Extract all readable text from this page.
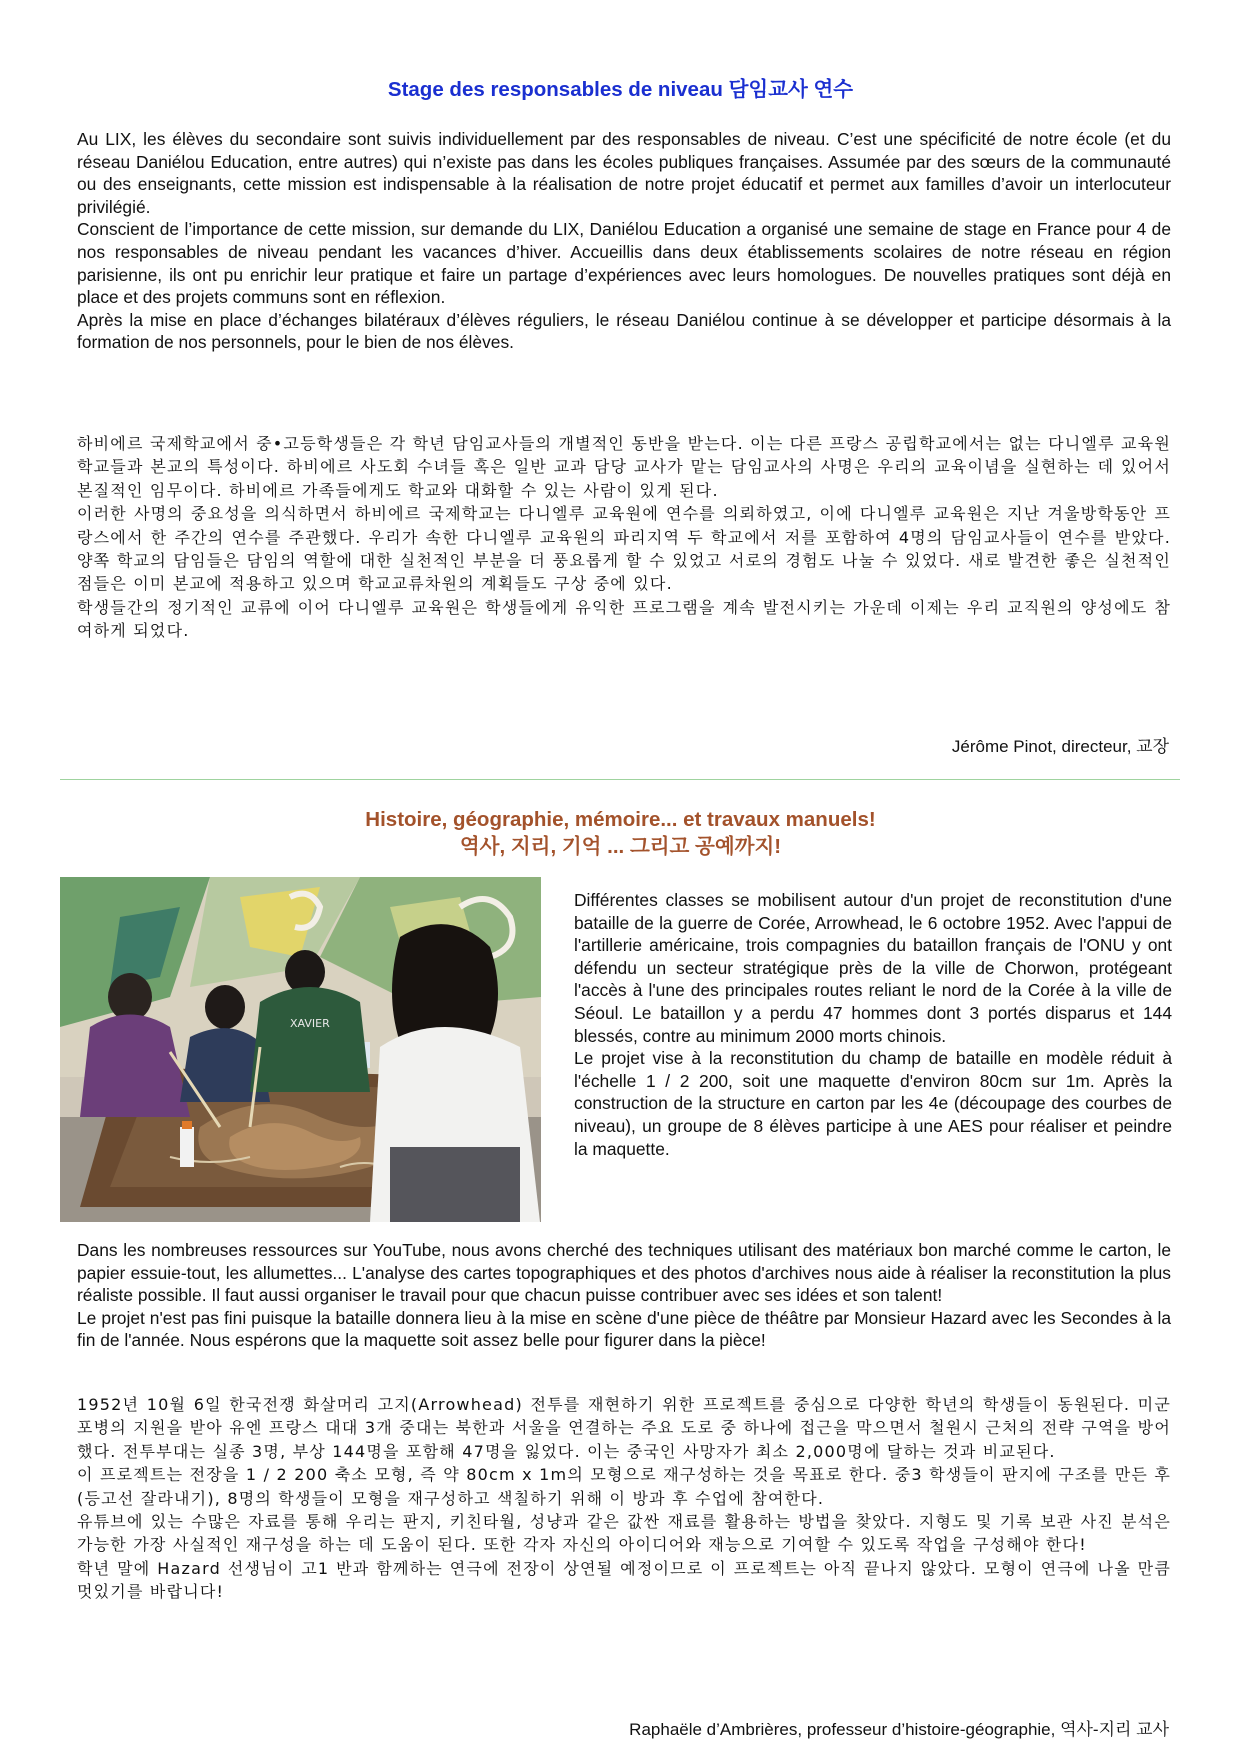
Stage des responsables de niveau 담임교사 연수

Au LIX, les élèves du secondaire sont suivis individuellement par des responsables de niveau. C’est une spécificité de notre école (et du réseau Daniélou Education, entre autres) qui n’existe pas dans les écoles publiques françaises. Assumée par des sœurs de la communauté ou des enseignants, cette mission est indispensable à la réalisation de notre projet éducatif et permet aux familles d’avoir un interlocuteur privilégié.

Conscient de l’importance de cette mission, sur demande du LIX, Daniélou Education a organisé une semaine de stage en France pour 4 de nos responsables de niveau pendant les vacances d’hiver. Accueillis dans deux établissements scolaires de notre réseau en région parisienne, ils ont pu enrichir leur pratique et faire un partage d’expériences avec leurs homologues. De nouvelles pratiques sont déjà en place et des projets communs sont en réflexion.

Après la mise en place d’échanges bilatéraux d’élèves réguliers, le réseau Daniélou continue à se développer et participe désormais à la formation de nos personnels, pour le bien de nos élèves.

하비에르 국제학교에서 중•고등학생들은 각 학년 담임교사들의 개별적인 동반을 받는다. 이는 다른 프랑스 공립학교에서는 없는 다니엘루 교육원 학교들과 본교의 특성이다. 하비에르 사도회 수녀들 혹은 일반 교과 담당 교사가 맡는 담임교사의 사명은 우리의 교육이념을 실현하는 데 있어서 본질적인 임무이다. 하비에르 가족들에게도 학교와 대화할 수 있는 사람이 있게 된다.

이러한 사명의 중요성을 의식하면서 하비에르 국제학교는 다니엘루 교육원에 연수를 의뢰하였고, 이에 다니엘루 교육원은 지난 겨울방학동안 프랑스에서 한 주간의 연수를 주관했다. 우리가 속한 다니엘루 교육원의 파리지역 두 학교에서 저를 포함하여 4명의 담임교사들이 연수를 받았다. 양쪽 학교의 담임들은 담임의 역할에 대한 실천적인 부분을 더 풍요롭게 할 수 있었고 서로의 경험도 나눌 수 있었다. 새로 발견한 좋은 실천적인 점들은 이미 본교에 적용하고 있으며 학교교류차원의 계획들도 구상 중에 있다.

학생들간의 정기적인 교류에 이어 다니엘루 교육원은 학생들에게 유익한 프로그램을 계속 발전시키는 가운데 이제는 우리 교직원의 양성에도 참여하게 되었다.

Jérôme Pinot, directeur, 교장
Histoire, géographie, mémoire... et travaux manuels!
역사, 지리, 기억 ... 그리고 공예까지!
XAVIER

Différentes classes se mobilisent autour d'un projet de reconstitution d'une bataille de la guerre de Corée, Arrowhead, le 6 octobre 1952. Avec l'appui de l'artillerie américaine, trois compagnies du bataillon français de l'ONU y ont défendu un secteur stratégique près de la ville de Chorwon, protégeant l'accès à l'une des principales routes reliant le nord de la Corée à la ville de Séoul. Le bataillon y a perdu 47 hommes dont 3 portés disparus et 144 blessés, contre au minimum 2000 morts chinois.

Le projet vise à la reconstitution du champ de bataille en modèle réduit à l'échelle 1 / 2 200, soit une maquette d'environ 80cm sur 1m. Après la construction de la structure en carton par les 4e (découpage des courbes de niveau), un groupe de 8 élèves participe à une AES pour réaliser et peindre la maquette.

Dans les nombreuses ressources sur YouTube, nous avons cherché des techniques utilisant des matériaux bon marché comme le carton, le papier essuie-tout, les allumettes... L'analyse des cartes topographiques et des photos d'archives nous aide à réaliser la reconstitution la plus réaliste possible. Il faut aussi organiser le travail pour que chacun puisse contribuer avec ses idées et son talent!

Le projet n'est pas fini puisque la bataille donnera lieu à la mise en scène d'une pièce de théâtre par Monsieur Hazard avec les Secondes à la fin de l'année. Nous espérons que la maquette soit assez belle pour figurer dans la pièce!

1952년 10월 6일 한국전쟁 화살머리 고지(Arrowhead) 전투를 재현하기 위한 프로젝트를 중심으로 다양한 학년의 학생들이 동원된다. 미군 포병의 지원을 받아 유엔 프랑스 대대 3개 중대는 북한과 서울을 연결하는 주요 도로 중 하나에 접근을 막으면서 철원시 근처의 전략 구역을 방어했다. 전투부대는 실종 3명, 부상 144명을 포함해 47명을 잃었다. 이는 중국인 사망자가 최소 2,000명에 달하는 것과 비교된다.

이 프로젝트는 전장을 1 / 2 200 축소 모형, 즉 약 80cm x 1m의 모형으로 재구성하는 것을 목표로 한다. 중3 학생들이 판지에 구조를 만든 후 (등고선 잘라내기), 8명의 학생들이 모형을 재구성하고 색칠하기 위해 이 방과 후 수업에 참여한다.

유튜브에 있는 수많은 자료를 통해 우리는 판지, 키친타월, 성냥과 같은 값싼 재료를 활용하는 방법을 찾았다. 지형도 및 기록 보관 사진 분석은 가능한 가장 사실적인 재구성을 하는 데 도움이 된다. 또한 각자 자신의 아이디어와 재능으로 기여할 수 있도록 작업을 구성해야 한다!

학년 말에 Hazard 선생님이 고1 반과 함께하는 연극에 전장이 상연될 예정이므로 이 프로젝트는 아직 끝나지 않았다. 모형이 연극에 나올 만큼 멋있기를 바랍니다!

Raphaële d’Ambrières, professeur d’histoire-géographie, 역사-지리 교사
